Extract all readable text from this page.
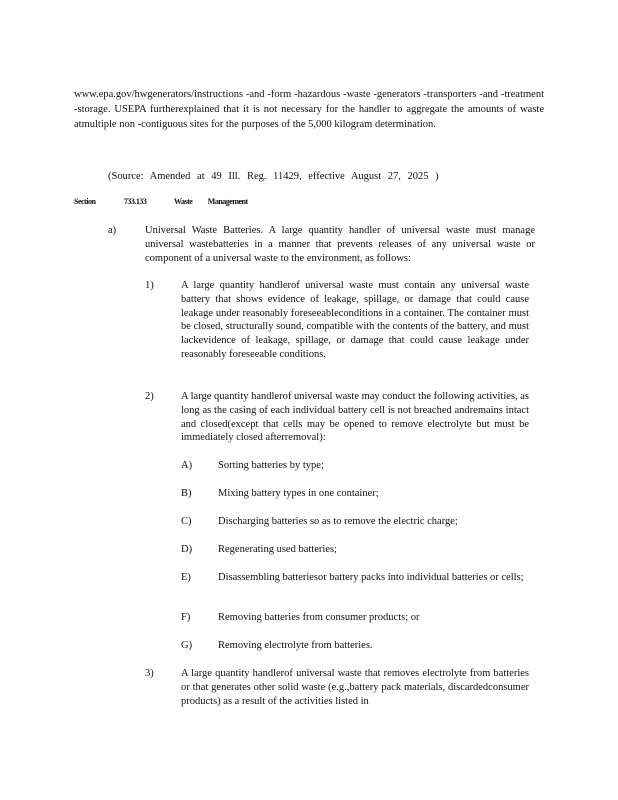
www.epa.gov/hwgenerators/instructions -and -form -hazardous -waste -generators -transporters -and -treatment -storage. USEPA furtherexplained that it is not necessary for the handler to aggregate the amounts of waste atmultiple non -contiguous sites for the purposes of the 5,000 kilogram determination.
(Source: Amended at 49 Ill. Reg. 11429, effective August 27, 2025 )
Section	733.133	Waste Management
a)	Universal Waste Batteries. A large quantity handler of universal waste must manage universal wastebatteries in a manner that prevents releases of any universal waste or component of a universal waste to the environment, as follows:
1)	A large quantity handlerof universal waste must contain any universal waste battery that shows evidence of leakage, spillage, or damage that could cause leakage under reasonably foreseeableconditions in a container. The container must be closed, structurally sound, compatible with the contents of the battery, and must lackevidence of leakage, spillage, or damage that could cause leakage under reasonably foreseeable conditions.
2)	A large quantity handlerof universal waste may conduct the following activities, as long as the casing of each individual battery cell is not breached andremains intact and closed(except that cells may be opened to remove electrolyte but must be immediately closed afterremoval):
A) Sorting batteries by type;
B)	Mixing battery types in one container;
C)	Discharging batteries so as to remove the electric charge;
D) Regenerating used batteries;
E)	Disassembling batteriesor battery packs into individual batteries or cells;
F)	Removing batteries from consumer products; or
G) Removing electrolyte from batteries.
3)	A large quantity handlerof universal waste that removes electrolyte from batteries or that generates other solid waste (e.g.,battery pack materials, discardedconsumer products) as a result of the activities listed in
